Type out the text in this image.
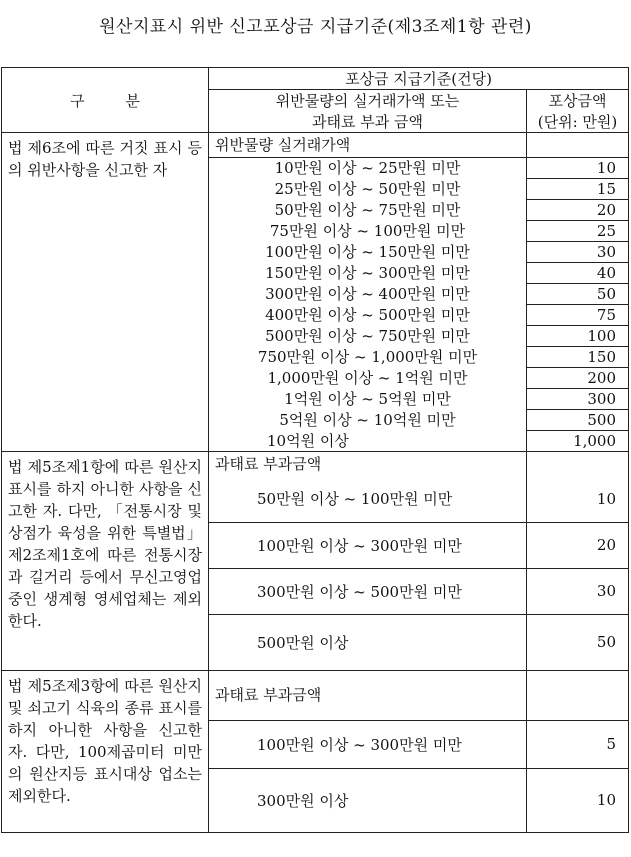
원산지표시 위반 신고포상금 지급기준(제3조제1항 관련)
구 분	포상금 지급기준(건당)	
	위반물량의 실거래가액 또는	포상금액
	과태료 부과 금액	(단위: 만원)
법 제6조에 따른 거짓 표시 등의 위반사항을 신고한 자	위반물량 실거래가액	
	10만원 이상 ~ 25만원 미만	10
	25만원 이상 ~ 50만원 미만	15
	50만원 이상 ~ 75만원 미만	20
	75만원 이상 ~ 100만원 미만	25
	100만원 이상 ~ 150만원 미만	30
	150만원 이상 ~ 300만원 미만	40
	300만원 이상 ~ 400만원 미만	50
	400만원 이상 ~ 500만원 미만	75
	500만원 이상 ~ 750만원 미만	100
	750만원 이상 ~ 1,000만원 미만	150
	1,000만원 이상 ~ 1억원 미만	200
	1억원 이상 ~ 5억원 미만	300
	5억원 이상 ~ 10억원 미만	500
	10억원 이상	1,000
법 제5조제1항에 따른 원산지 표시를 하지 아니한 사항을 신고한 자. 다만, 「전통시장 및 상점가 육성을 위한 특별법」 제2조제1호에 따른 전통시장과 길거리 등에서 무신고영업 중인 생계형 영세업체는 제외한다.	과태료 부과금액	
	50만원 이상 ~ 100만원 미만	10
	100만원 이상 ~ 300만원 미만	20
	300만원 이상 ~ 500만원 미만	30
	500만원 이상	50
법 제5조제3항에 따른 원산지 및 쇠고기 식육의 종류 표시를 하지 아니한 사항을 신고한 자. 다만, 100제곱미터 미만의 원산지등 표시대상 업소는 제외한다.	과태료 부과금액	
	100만원 이상 ~ 300만원 미만	5
	300만원 이상	10
